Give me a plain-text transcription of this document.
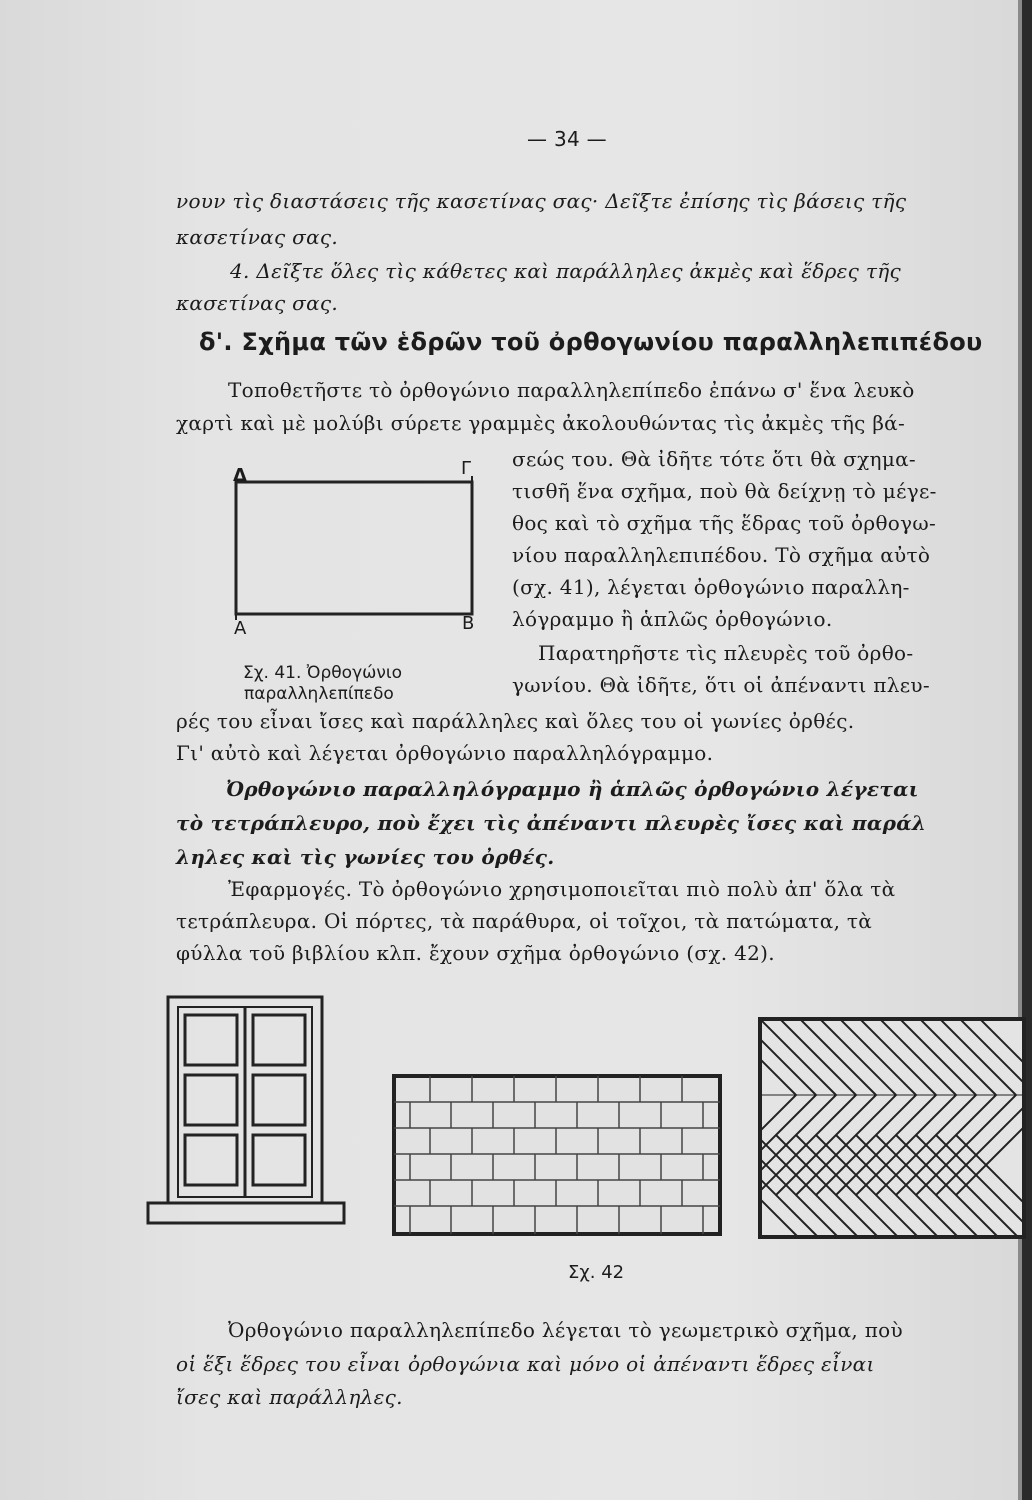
— 34 —
νουν τὶς διαστάσεις τῆς κασετίνας σας· Δεῖξτε ἐπίσης τὶς βάσεις τῆς
κασετίνας σας.
4. Δεῖξτε ὅλες τὶς κάθετες καὶ παράλληλες ἀκμὲς καὶ ἕδρες τῆς
κασετίνας σας.
δ'. Σχῆμα τῶν ἑδρῶν τοῦ ὀρθογωνίου παραλληλεπιπέδου
Τοποθετῆστε τὸ ὀρθογώνιο παραλληλεπίπεδο ἐπάνω σ' ἕνα λευκὸ
χαρτὶ καὶ μὲ μολύβι σύρετε γραμμὲς ἀκολουθώντας τὶς ἀκμὲς τῆς βά-
σεώς του. Θὰ ἰδῆτε τότε ὅτι θὰ σχημα-
τισθῆ ἕνα σχῆμα, ποὺ θὰ δείχνῃ τὸ μέγε-
θος καὶ τὸ σχῆμα τῆς ἕδρας τοῦ ὀρθογω-
νίου παραλληλεπιπέδου. Τὸ σχῆμα αὐτὸ
(σχ. 41), λέγεται ὀρθογώνιο παραλλη-
λόγραμμο ἢ ἁπλῶς ὀρθογώνιο.
Παρατηρῆστε τὶς πλευρὲς τοῦ ὀρθο-
γωνίου. Θὰ ἰδῆτε, ὅτι οἱ ἀπέναντι πλευ-
ρές του εἶναι ἴσες καὶ παράλληλες καὶ ὅλες του οἱ γωνίες ὀρθές.
Γι' αὐτὸ καὶ λέγεται ὀρθογώνιο παραλληλόγραμμο.
Ὀρθογώνιο παραλληλόγραμμο ἢ ἁπλῶς ὀρθογώνιο λέγεται
τὸ τετράπλευρο, ποὺ ἔχει τὶς ἀπέναντι πλευρὲς ἴσες καὶ παράλ
ληλες καὶ τὶς γωνίες του ὀρθές.
Ἐφαρμογές. Τὸ ὀρθογώνιο χρησιμοποιεῖται πιὸ πολὺ ἀπ' ὅλα τὰ
τετράπλευρα. Οἱ πόρτες, τὰ παράθυρα, οἱ τοῖχοι, τὰ πατώματα, τὰ
φύλλα τοῦ βιβλίου κλπ. ἔχουν σχῆμα ὀρθογώνιο (σχ. 42).
Δ	Γ
Α	Β
Σχ. 41. Ὀρθογώνιο
παραλληλεπίπεδο
Σχ. 42
Ὀρθογώνιο παραλληλεπίπεδο λέγεται τὸ γεωμετρικὸ σχῆμα, ποὺ
οἱ ἕξι ἕδρες του εἶναι ὀρθογώνια καὶ μόνο οἱ ἀπέναντι ἕδρες εἶναι
ἴσες καὶ παράλληλες.
